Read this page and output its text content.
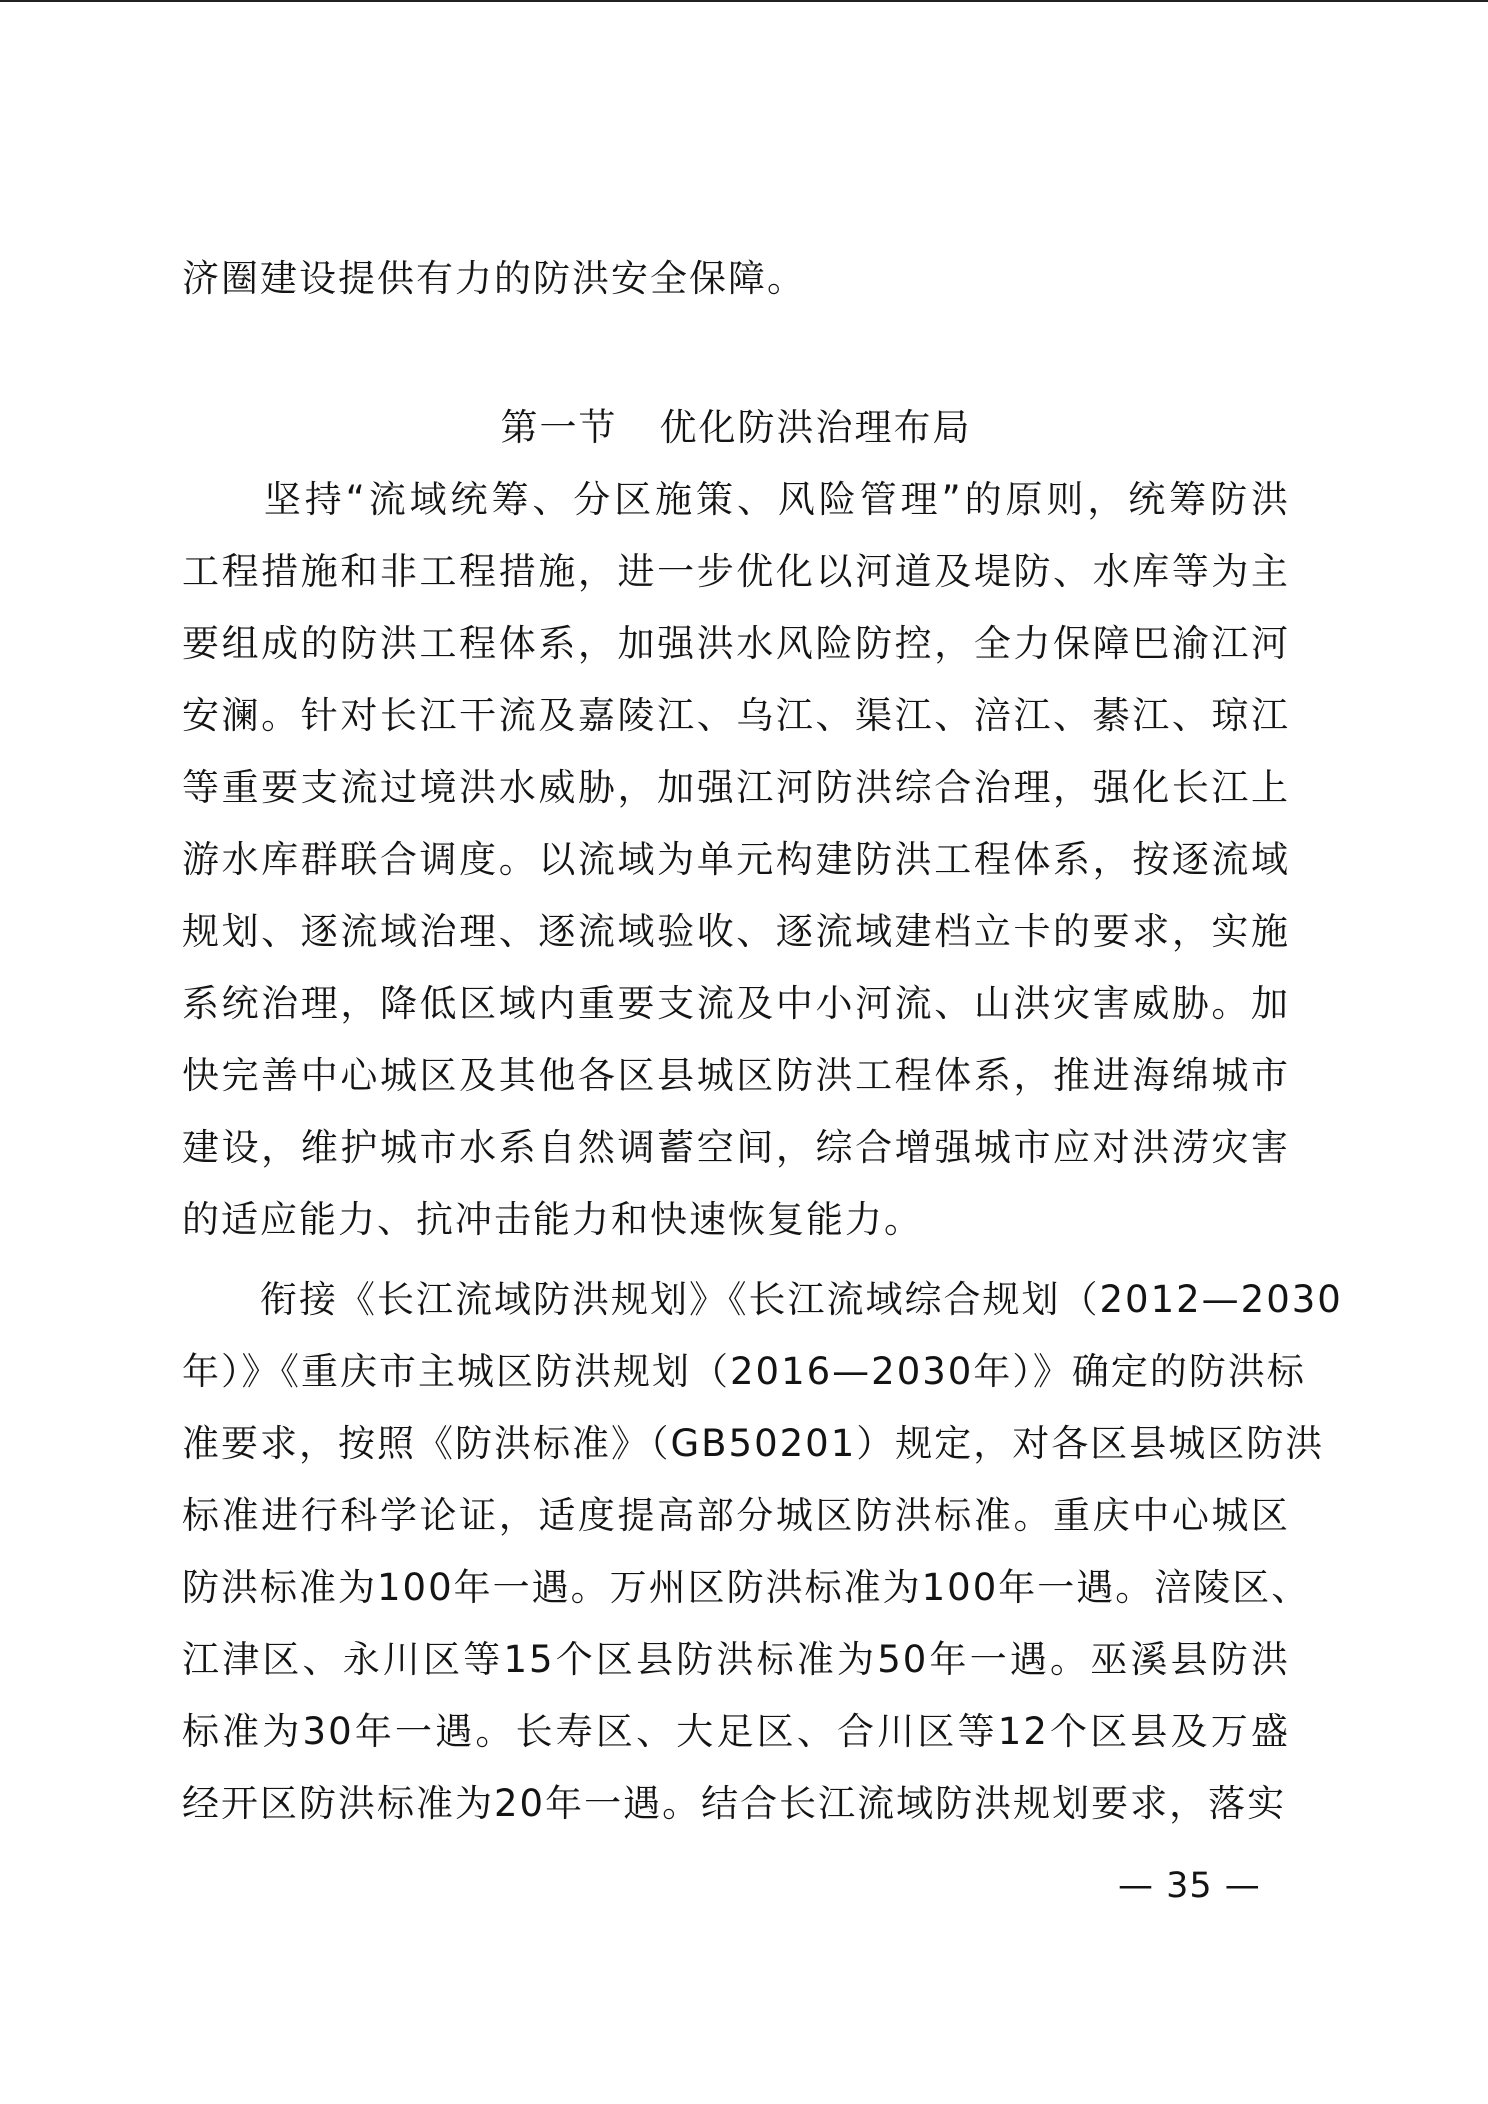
济圈建设提供有力的防洪安全保障。
第一节 优化防洪治理布局
　　坚持“流域统筹、分区施策、风险管理”的原则，统筹防洪
工程措施和非工程措施，进一步优化以河道及堤防、水库等为主
要组成的防洪工程体系，加强洪水风险防控，全力保障巴渝江河
安澜。针对长江干流及嘉陵江、乌江、渠江、涪江、綦江、琼江
等重要支流过境洪水威胁，加强江河防洪综合治理，强化长江上
游水库群联合调度。以流域为单元构建防洪工程体系，按逐流域
规划、逐流域治理、逐流域验收、逐流域建档立卡的要求，实施
系统治理，降低区域内重要支流及中小河流、山洪灾害威胁。加
快完善中心城区及其他各区县城区防洪工程体系，推进海绵城市
建设，维护城市水系自然调蓄空间，综合增强城市应对洪涝灾害
的适应能力、抗冲击能力和快速恢复能力。
　　衔接《长江流域防洪规划》《长江流域综合规划（2012—2030
年）》《重庆市主城区防洪规划（2016—2030年）》确定的防洪标
准要求，按照《防洪标准》（GB50201）规定，对各区县城区防洪
标准进行科学论证，适度提高部分城区防洪标准。重庆中心城区
防洪标准为100年一遇。万州区防洪标准为100年一遇。涪陵区、
江津区、永川区等15个区县防洪标准为50年一遇。巫溪县防洪
标准为30年一遇。长寿区、大足区、合川区等12个区县及万盛
经开区防洪标准为20年一遇。结合长江流域防洪规划要求，落实
— 35 —
